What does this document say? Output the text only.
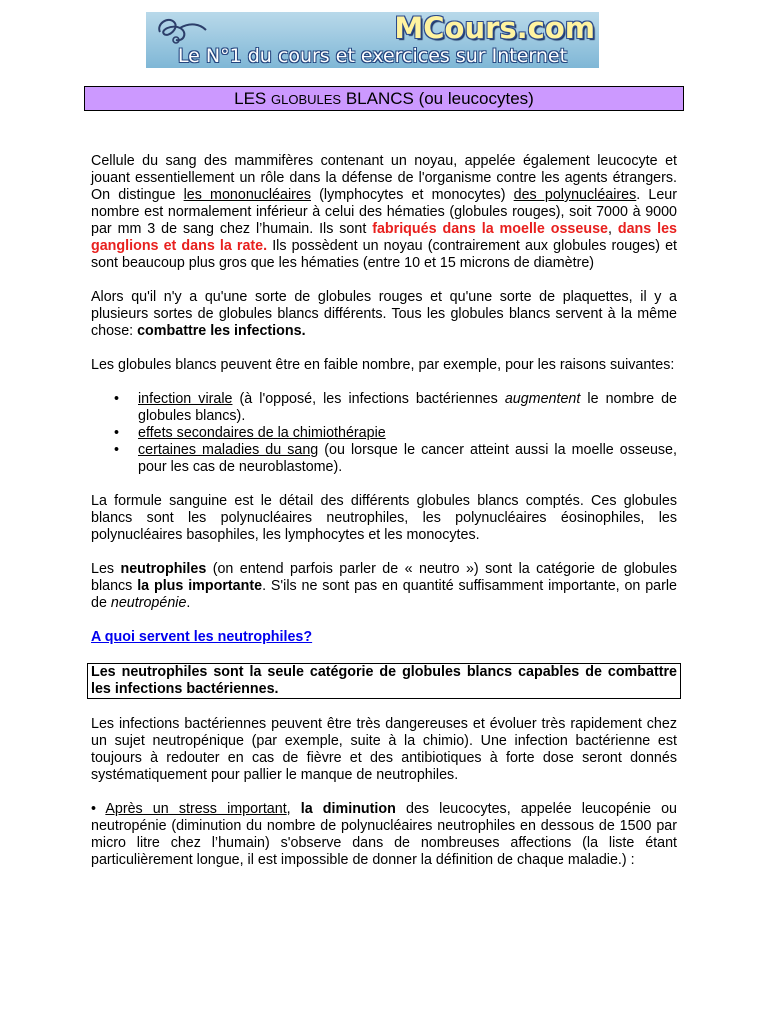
MCours.com
Le N°1 du cours et exercices sur Internet
LES GLOBULES BLANCS (ou leucocytes)

Cellule du sang des mammifères contenant un noyau, appelée également leucocyte et jouant essentiellement un rôle dans la défense de l'organisme contre les agents étrangers. On distingue les mononucléaires (lymphocytes et monocytes) des polynucléaires. Leur nombre est normalement inférieur à celui des hématies (globules rouges), soit 7000 à 9000 par mm 3 de sang chez l’humain. Ils sont fabriqués dans la moelle osseuse, dans les ganglions et dans la rate. Ils possèdent un noyau (contrairement aux globules rouges) et sont beaucoup plus gros que les hématies (entre 10 et 15 microns de diamètre)

Alors qu'il n'y a qu'une sorte de globules rouges et qu'une sorte de plaquettes, il y a plusieurs sortes de globules blancs différents. Tous les globules blancs servent à la même chose: combattre les infections.

Les globules blancs peuvent être en faible nombre, par exemple, pour les raisons suivantes:

• infection virale (à l'opposé, les infections bactériennes augmentent le nombre de globules blancs).
• effets secondaires de la chimiothérapie
• certaines maladies du sang (ou lorsque le cancer atteint aussi la moelle osseuse, pour les cas de neuroblastome).

La formule sanguine est le détail des différents globules blancs comptés. Ces globules blancs sont les polynucléaires neutrophiles, les polynucléaires éosinophiles, les polynucléaires basophiles, les lymphocytes et les monocytes.

Les neutrophiles (on entend parfois parler de « neutro ») sont la catégorie de globules blancs la plus importante. S'ils ne sont pas en quantité suffisamment importante, on parle de neutropénie.

A quoi servent les neutrophiles?

Les neutrophiles sont la seule catégorie de globules blancs capables de combattre les infections bactériennes.

Les infections bactériennes peuvent être très dangereuses et évoluer très rapidement chez un sujet neutropénique (par exemple, suite à la chimio). Une infection bactérienne est toujours à redouter en cas de fièvre et des antibiotiques à forte dose seront donnés systématiquement pour pallier le manque de neutrophiles.

• Après un stress important, la diminution des leucocytes, appelée leucopénie ou neutropénie (diminution du nombre de polynucléaires neutrophiles en dessous de 1500 par micro litre chez l’humain) s'observe dans de nombreuses affections (la liste étant particulièrement longue, il est impossible de donner la définition de chaque maladie.) :
